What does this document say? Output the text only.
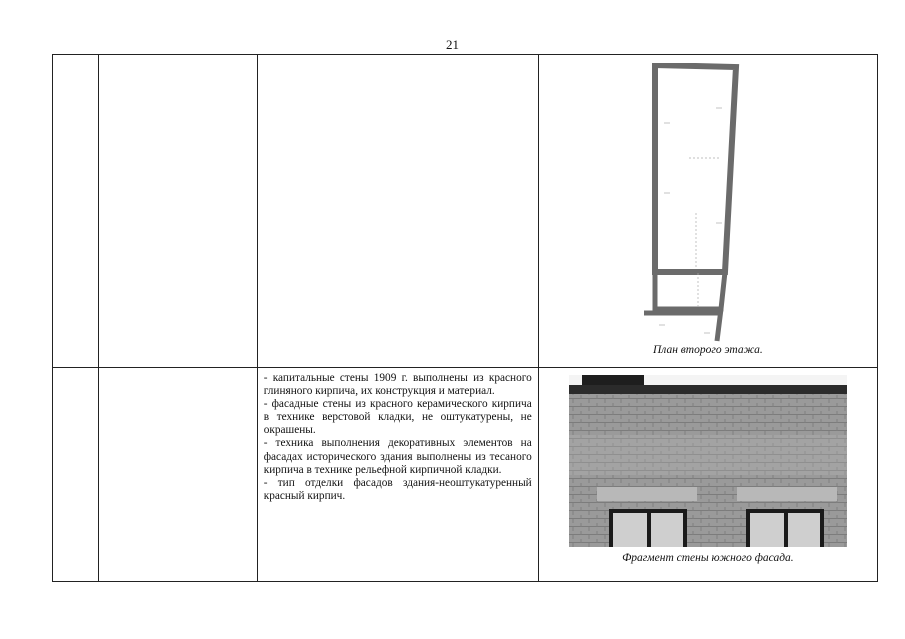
21

			План второго этажа.

		- капитальные стены 1909 г. выполнены из красного глиняного кирпича, их конструкция и материал.

- фасадные стены из красного керамического кирпича в технике верстовой кладки, не оштукатурены, не окрашены.

- техника выполнения декоративных элементов на фасадах исторического здания выполнены из тесаного кирпича в технике рельефной кирпичной кладки.

- тип отделки фасадов здания-неоштукатуренный красный кирпич.	Фрагмент стены южного фасада.
